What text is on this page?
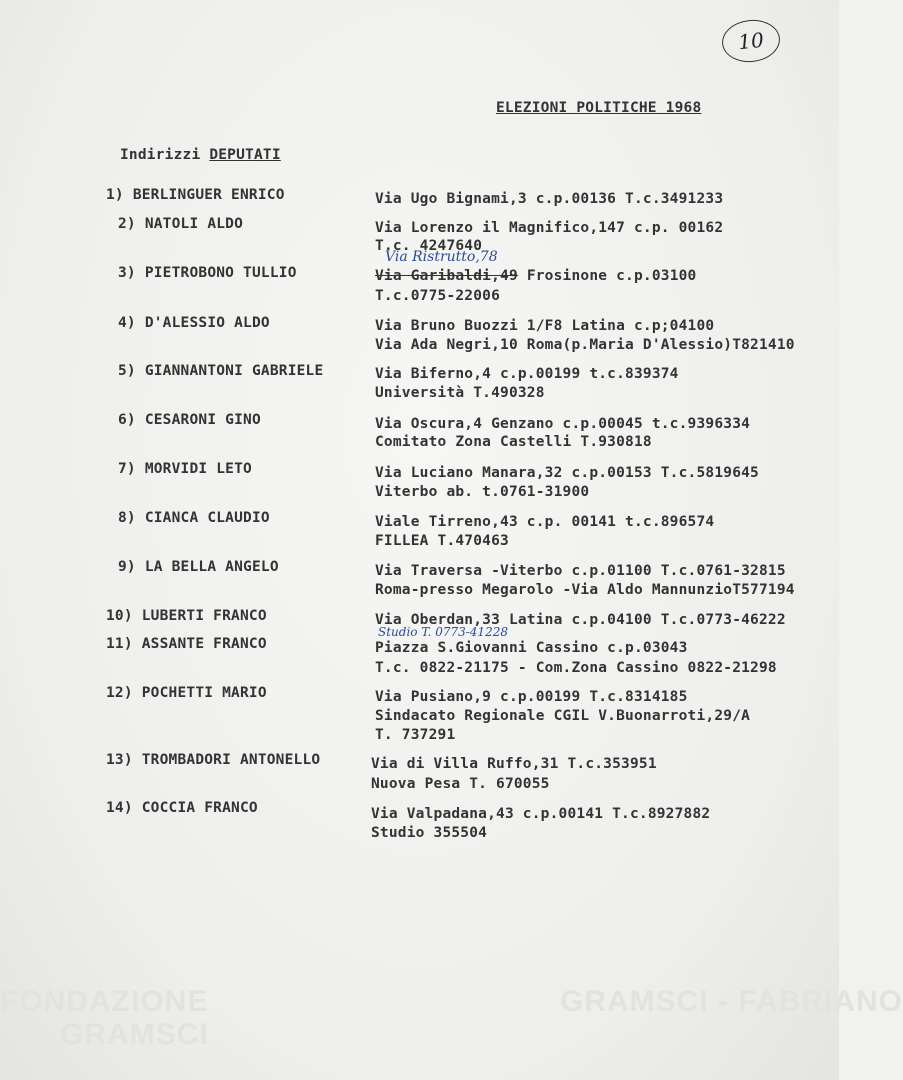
10
ELEZIONI POLITICHE 1968
Indirizzi DEPUTATI
1) BERLINGUER ENRICO	Via Ugo Bignami,3 c.p.00136 T.c.3491233
2) NATOLI ALDO	Via Lorenzo il Magnifico,147 c.p. 00162
T.c. 4247640
3) PIETROBONO TULLIO
Via Ristrutto,78
Via Garibaldi,49 Frosinone c.p.03100
T.c.0775-22006
4) D'ALESSIO ALDO	Via Bruno Buozzi 1/F8 Latina c.p;04100
Via Ada Negri,10 Roma(p.Maria D'Alessio)T821410
5) GIANNANTONI GABRIELE	Via Biferno,4 c.p.00199 t.c.839374
Università T.490328
6) CESARONI GINO	Via Oscura,4 Genzano c.p.00045 t.c.9396334
Comitato Zona Castelli T.930818
7) MORVIDI LETO	Via Luciano Manara,32 c.p.00153 T.c.5819645
Viterbo ab. t.0761-31900
8) CIANCA CLAUDIO	Viale Tirreno,43 c.p. 00141 t.c.896574
FILLEA T.470463
9) LA BELLA ANGELO	Via Traversa -Viterbo c.p.01100 T.c.0761-32815
Roma-presso Megarolo -Via Aldo MannunzioT577194
10) LUBERTI FRANCO	Via Oberdan,33 Latina c.p.04100 T.c.0773-46222
11) ASSANTE FRANCO
Studio T. 0773-41228
Piazza S.Giovanni Cassino c.p.03043
T.c. 0822-21175 - Com.Zona Cassino 0822-21298
12) POCHETTI MARIO	Via Pusiano,9 c.p.00199 T.c.8314185
Sindacato Regionale CGIL V.Buonarroti,29/A
T. 737291
13) TROMBADORI ANTONELLO	Via di Villa Ruffo,31 T.c.353951
Nuova Pesa T. 670055
14) COCCIA FRANCO	Via Valpadana,43 c.p.00141 T.c.8927882
Studio 355504
FONDAZIONE
GRAMSCI
GRAMSCI - FABRIANO
